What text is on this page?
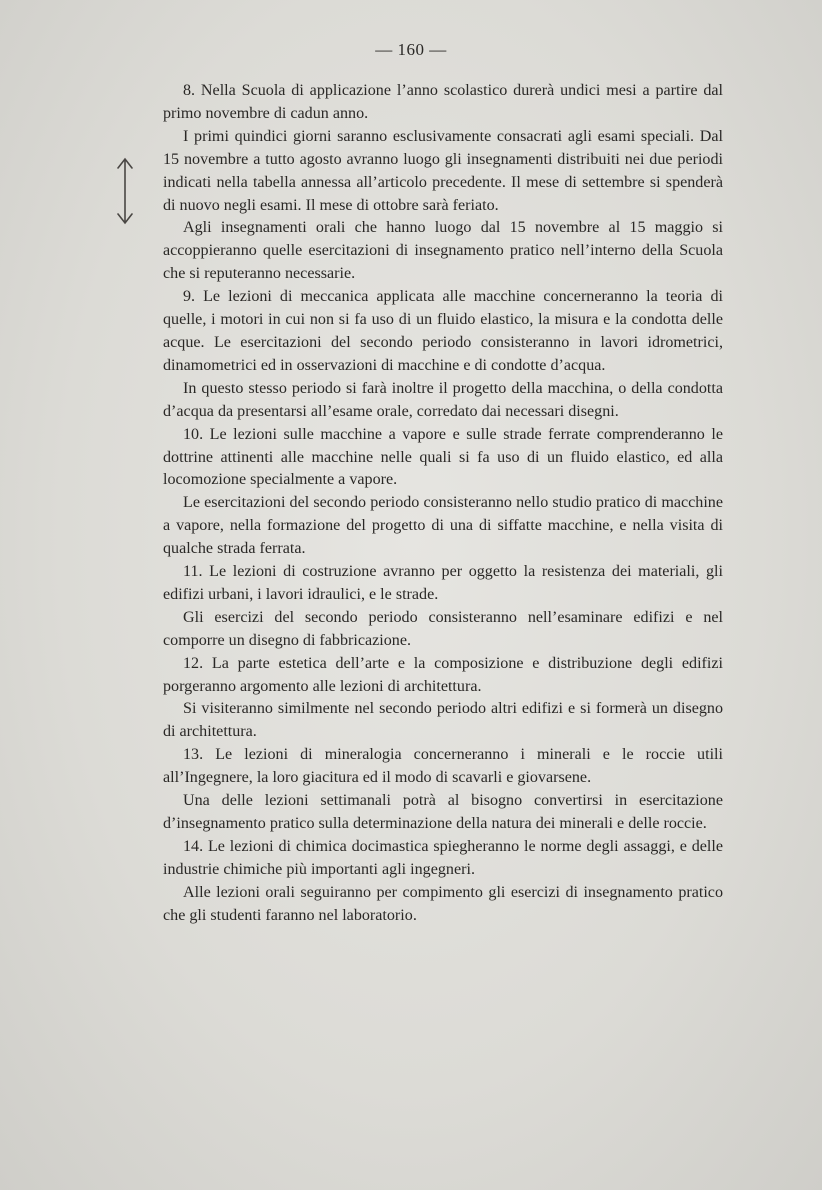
— 160 —

8. Nella Scuola di applicazione l’anno scolastico durerà undici mesi a partire dal primo novembre di cadun anno.

I primi quindici giorni saranno esclusivamente consacrati agli esami speciali. Dal 15 novembre a tutto agosto avranno luogo gli insegnamenti distribuiti nei due periodi indicati nella tabella annessa all’articolo precedente. Il mese di settembre si spenderà di nuovo negli esami. Il mese di ottobre sarà feriato.

Agli insegnamenti orali che hanno luogo dal 15 novembre al 15 maggio si accoppieranno quelle esercitazioni di insegnamento pratico nell’interno della Scuola che si reputeranno necessarie.

9. Le lezioni di meccanica applicata alle macchine concerneranno la teoria di quelle, i motori in cui non si fa uso di un fluido elastico, la misura e la condotta delle acque. Le esercitazioni del secondo periodo consisteranno in lavori idrometrici, dinamometrici ed in osservazioni di macchine e di condotte d’acqua.

In questo stesso periodo si farà inoltre il progetto della macchina, o della condotta d’acqua da presentarsi all’esame orale, corredato dai necessari disegni.

10. Le lezioni sulle macchine a vapore e sulle strade ferrate comprenderanno le dottrine attinenti alle macchine nelle quali si fa uso di un fluido elastico, ed alla locomozione specialmente a vapore.

Le esercitazioni del secondo periodo consisteranno nello studio pratico di macchine a vapore, nella formazione del progetto di una di siffatte macchine, e nella visita di qualche strada ferrata.

11. Le lezioni di costruzione avranno per oggetto la resistenza dei materiali, gli edifizi urbani, i lavori idraulici, e le strade.

Gli esercizi del secondo periodo consisteranno nell’esaminare edifizi e nel comporre un disegno di fabbricazione.

12. La parte estetica dell’arte e la composizione e distribuzione degli edifizi porgeranno argomento alle lezioni di architettura.

Si visiteranno similmente nel secondo periodo altri edifizi e si formerà un disegno di architettura.

13. Le lezioni di mineralogia concerneranno i minerali e le roccie utili all’Ingegnere, la loro giacitura ed il modo di scavarli e giovarsene.

Una delle lezioni settimanali potrà al bisogno convertirsi in esercitazione d’insegnamento pratico sulla determinazione della natura dei minerali e delle roccie.

14. Le lezioni di chimica docimastica spiegheranno le norme degli assaggi, e delle industrie chimiche più importanti agli ingegneri.

Alle lezioni orali seguiranno per compimento gli esercizi di insegnamento pratico che gli studenti faranno nel laboratorio.
